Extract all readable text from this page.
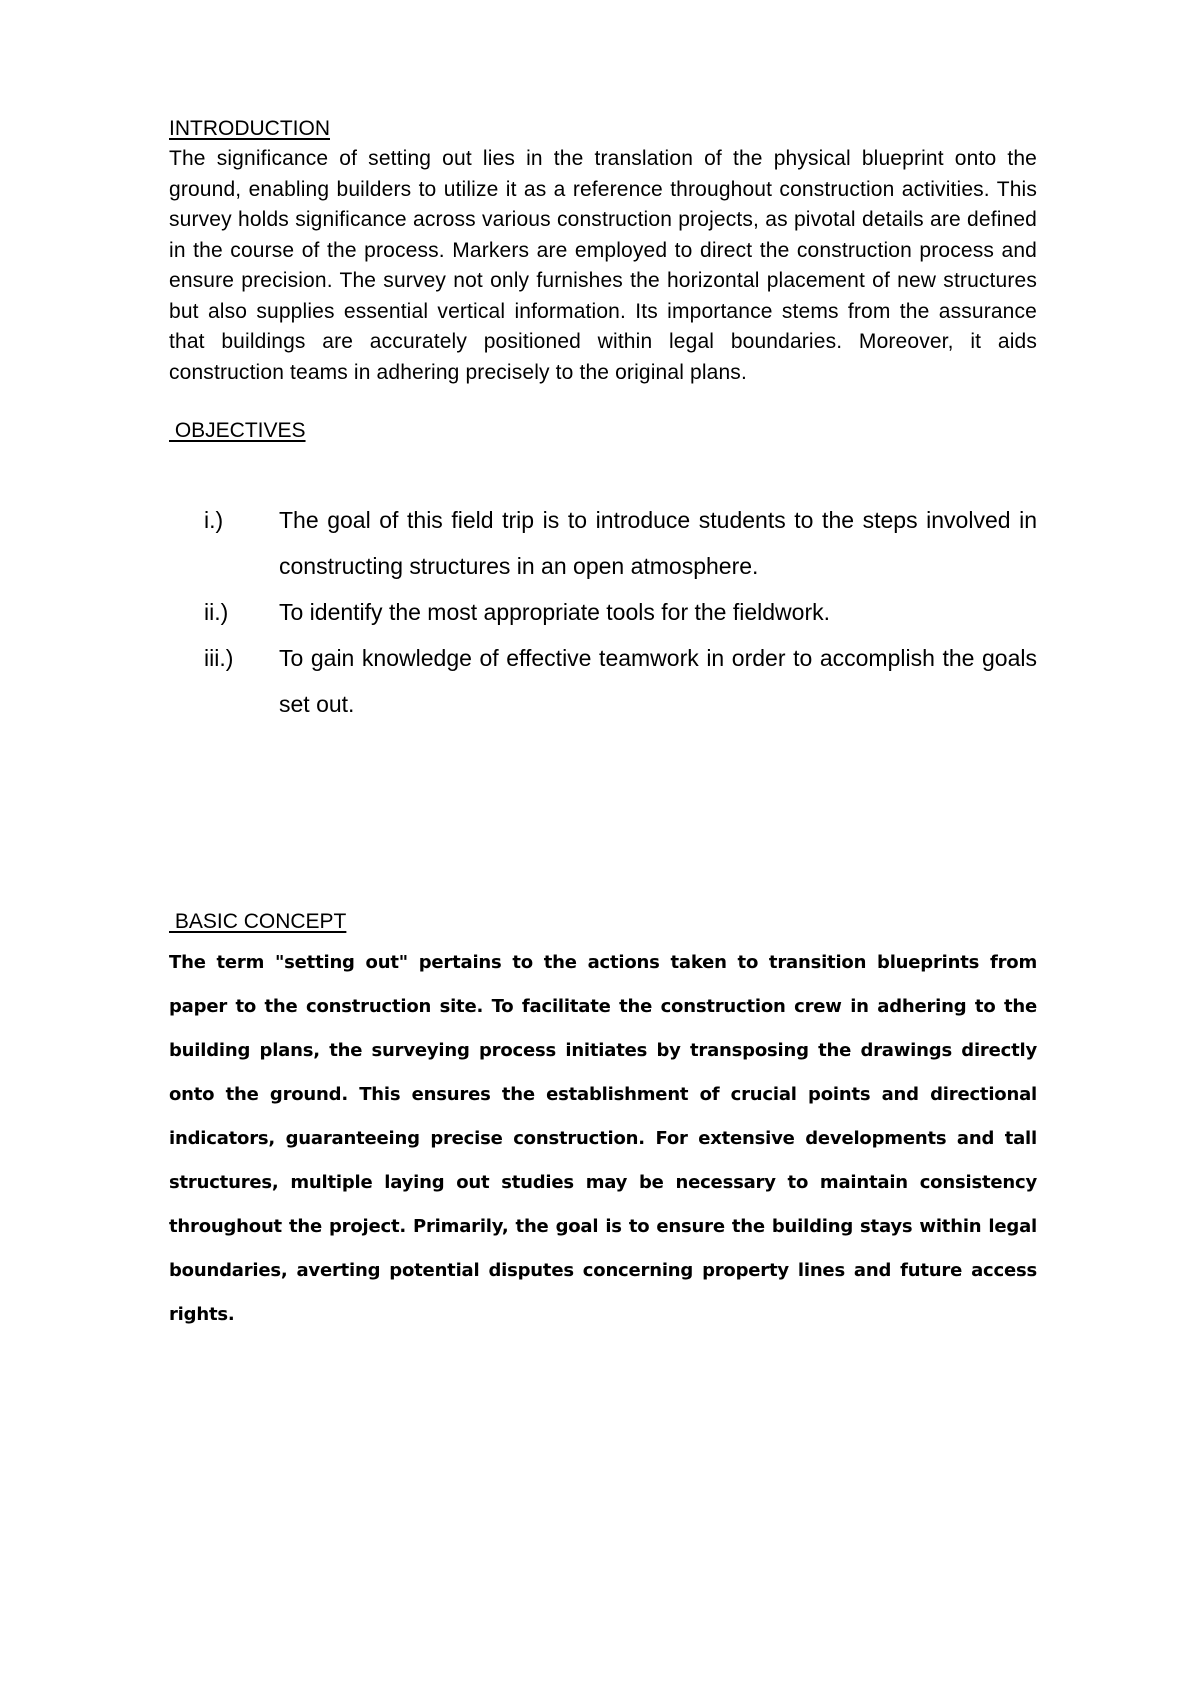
INTRODUCTION

The significance of setting out lies in the translation of the physical blueprint onto the ground, enabling builders to utilize it as a reference throughout construction activities. This survey holds significance across various construction projects, as pivotal details are defined in the course of the process. Markers are employed to direct the construction process and ensure precision. The survey not only furnishes the horizontal placement of new structures but also supplies essential vertical information. Its importance stems from the assurance that buildings are accurately positioned within legal boundaries. Moreover, it aids construction teams in adhering precisely to the original plans.

OBJECTIVES
i.) The goal of this field trip is to introduce students to the steps involved in constructing structures in an open atmosphere.
ii.) To identify the most appropriate tools for the fieldwork.
iii.) To gain knowledge of effective teamwork in order to accomplish the goals set out.
BASIC CONCEPT

The term "setting out" pertains to the actions taken to transition blueprints from paper to the construction site. To facilitate the construction crew in adhering to the building plans, the surveying process initiates by transposing the drawings directly onto the ground. This ensures the establishment of crucial points and directional indicators, guaranteeing precise construction. For extensive developments and tall structures, multiple laying out studies may be necessary to maintain consistency throughout the project. Primarily, the goal is to ensure the building stays within legal boundaries, averting potential disputes concerning property lines and future access rights.
